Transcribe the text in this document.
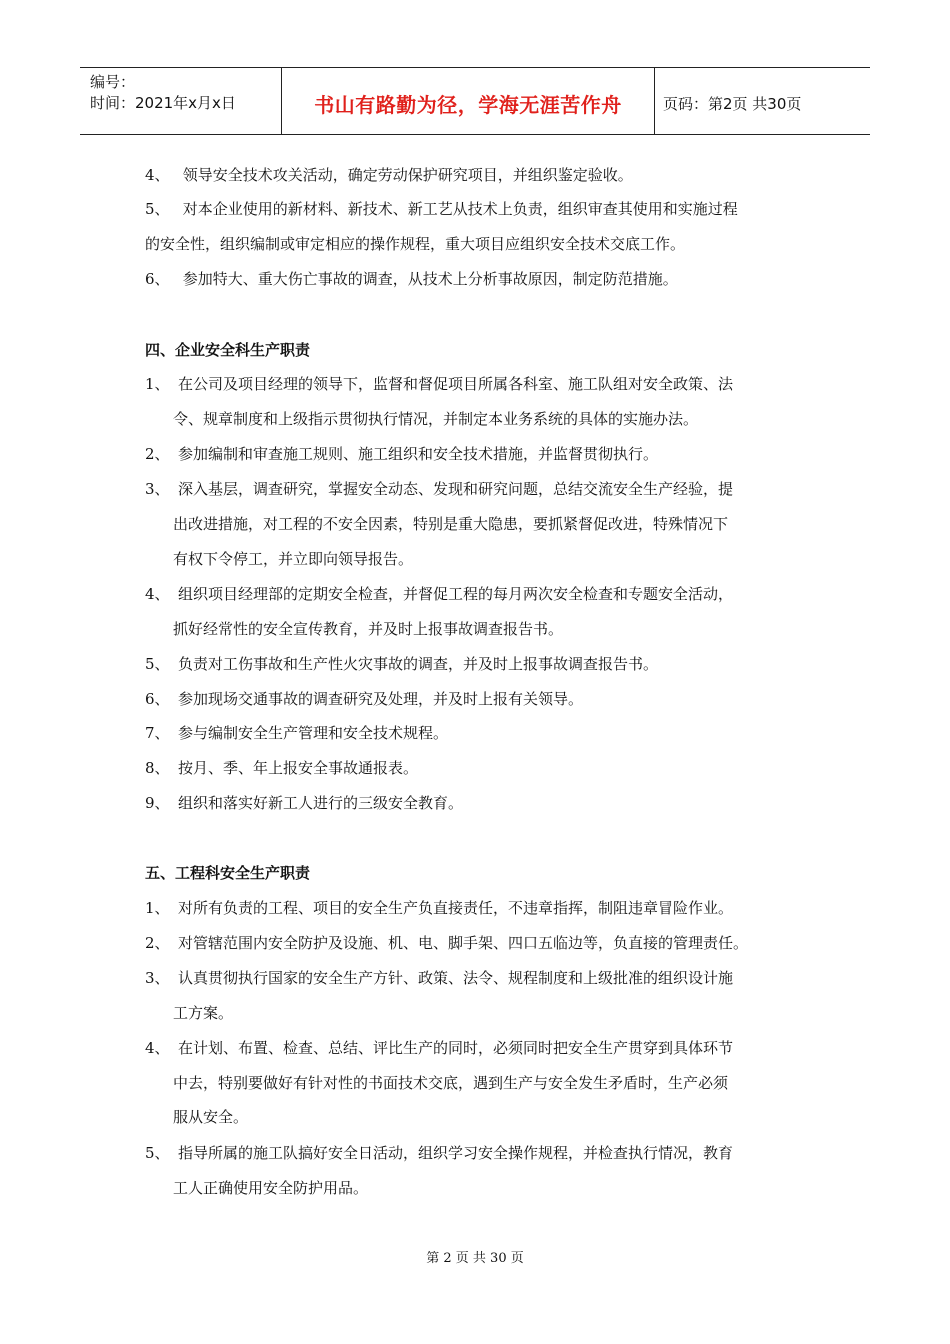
编号：
时间：2021年x月x日	书山有路勤为径，学海无涯苦作舟	页码：第2页 共30页
4、 领导安全技术攻关活动，确定劳动保护研究项目，并组织鉴定验收。
5、 对本企业使用的新材料、新技术、新工艺从技术上负责，组织审查其使用和实施过程
的安全性，组织编制或审定相应的操作规程，重大项目应组织安全技术交底工作。
6、 参加特大、重大伤亡事故的调查，从技术上分析事故原因，制定防范措施。
四、企业安全科生产职责
1、 在公司及项目经理的领导下，监督和督促项目所属各科室、施工队组对安全政策、法
令、规章制度和上级指示贯彻执行情况，并制定本业务系统的具体的实施办法。
2、 参加编制和审查施工规则、施工组织和安全技术措施，并监督贯彻执行。
3、 深入基层，调查研究，掌握安全动态、发现和研究问题，总结交流安全生产经验，提
出改进措施，对工程的不安全因素，特别是重大隐患，要抓紧督促改进，特殊情况下
有权下令停工，并立即向领导报告。
4、 组织项目经理部的定期安全检查，并督促工程的每月两次安全检查和专题安全活动，
抓好经常性的安全宣传教育，并及时上报事故调查报告书。
5、 负责对工伤事故和生产性火灾事故的调查，并及时上报事故调查报告书。
6、 参加现场交通事故的调查研究及处理，并及时上报有关领导。
7、 参与编制安全生产管理和安全技术规程。
8、 按月、季、年上报安全事故通报表。
9、 组织和落实好新工人进行的三级安全教育。
五、工程科安全生产职责
1、 对所有负责的工程、项目的安全生产负直接责任，不违章指挥，制阻违章冒险作业。
2、 对管辖范围内安全防护及设施、机、电、脚手架、四口五临边等，负直接的管理责任。
3、 认真贯彻执行国家的安全生产方针、政策、法令、规程制度和上级批准的组织设计施
工方案。
4、 在计划、布置、检查、总结、评比生产的同时，必须同时把安全生产贯穿到具体环节
中去，特别要做好有针对性的书面技术交底，遇到生产与安全发生矛盾时，生产必须
服从安全。
5、 指导所属的施工队搞好安全日活动，组织学习安全操作规程，并检查执行情况，教育
工人正确使用安全防护用品。
第 2 页 共 30 页
